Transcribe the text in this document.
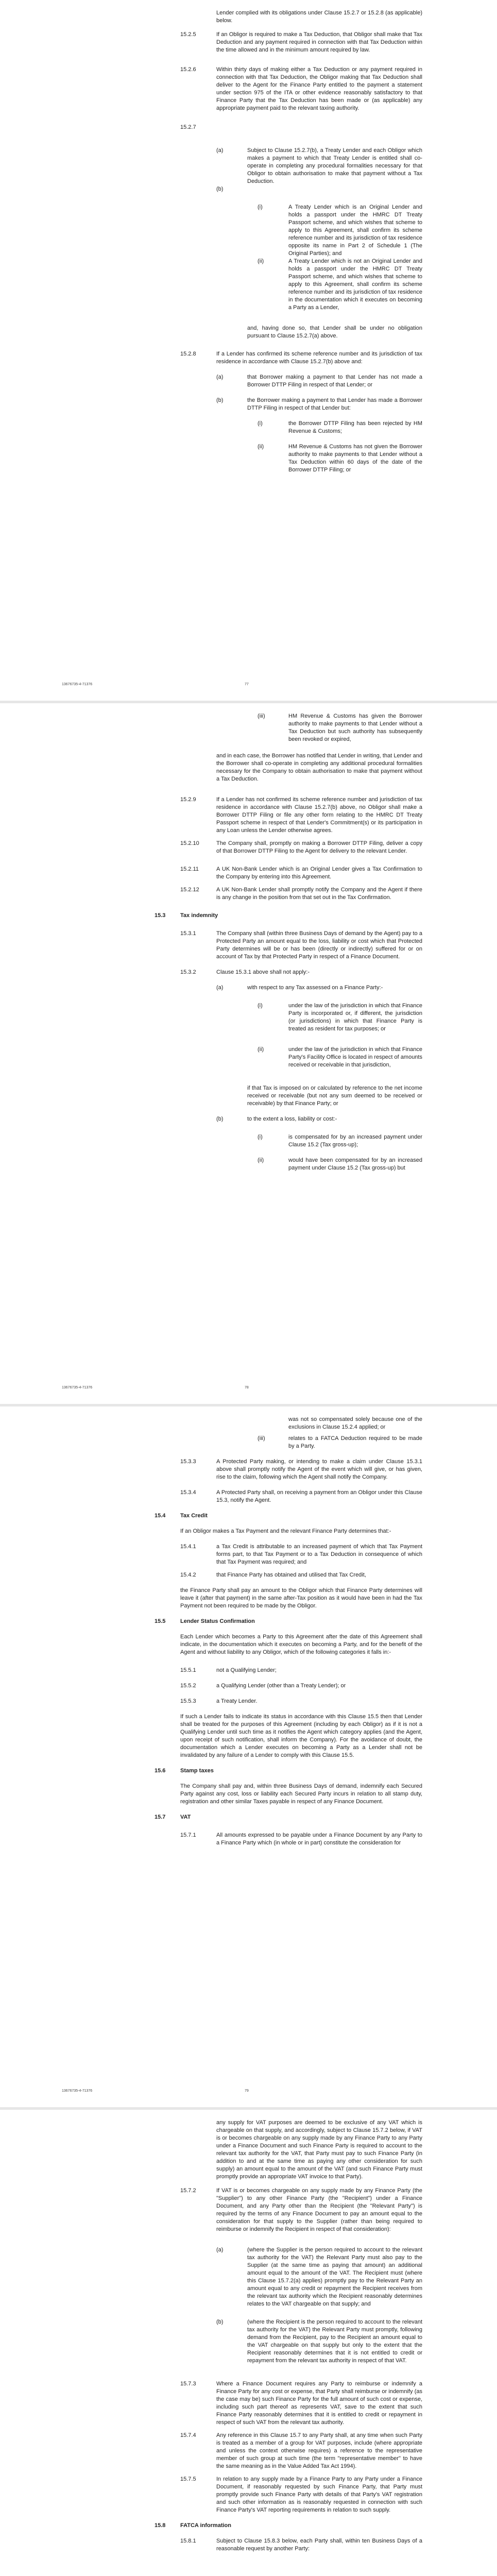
Lender complied with its obligations under Clause 15.2.7 or 15.2.8 (as applicable) below.

15.2.5	If an Obligor is required to make a Tax Deduction, that Obligor shall make that Tax Deduction and any payment required in connection with that Tax Deduction within the time allowed and in the minimum amount required by law.

15.2.6	Within thirty days of making either a Tax Deduction or any payment required in connection with that Tax Deduction, the Obligor making that Tax Deduction shall deliver to the Agent for the Finance Party entitled to the payment a statement under section 975 of the ITA or other evidence reasonably satisfactory to that Finance Party that the Tax Deduction has been made or (as applicable) any appropriate payment paid to the relevant taxing authority.

15.2.7
(a)	Subject to Clause 15.2.7(b), a Treaty Lender and each Obligor which makes a payment to which that Treaty Lender is entitled shall co-operate in completing any procedural formalities necessary for that Obligor to obtain authorisation to make that payment without a Tax Deduction.

(b)
(i)	A Treaty Lender which is an Original Lender and holds a passport under the HMRC DT Treaty Passport scheme, and which wishes that scheme to apply to this Agreement, shall confirm its scheme reference number and its jurisdiction of tax residence opposite its name in Part 2 of Schedule 1 (The Original Parties); and

(ii)	A Treaty Lender which is not an Original Lender and holds a passport under the HMRC DT Treaty Passport scheme, and which wishes that scheme to apply to this Agreement, shall confirm its scheme reference number and its jurisdiction of tax residence in the documentation which it executes on becoming a Party as a Lender,

and, having done so, that Lender shall be under no obligation pursuant to Clause 15.2.7(a) above.

15.2.8	If a Lender has confirmed its scheme reference number and its jurisdiction of tax residence in accordance with Clause 15.2.7(b) above and:

(a)	that Borrower making a payment to that Lender has not made a Borrower DTTP Filing in respect of that Lender; or

(b)	the Borrower making a payment to that Lender has made a Borrower DTTP Filing in respect of that Lender but:

(i)	the Borrower DTTP Filing has been rejected by HM Revenue & Customs;

(ii)	HM Revenue & Customs has not given the Borrower authority to make payments to that Lender without a Tax Deduction within 60 days of the date of the Borrower DTTP Filing; or

13676735-4-71376	77
(iii)	HM Revenue & Customs has given the Borrower authority to make payments to that Lender without a Tax Deduction but such authority has subsequently been revoked or expired,

and in each case, the Borrower has notified that Lender in writing, that Lender and the Borrower shall co-operate in completing any additional procedural formalities necessary for the Company to obtain authorisation to make that payment without a Tax Deduction.

15.2.9	If a Lender has not confirmed its scheme reference number and jurisdiction of tax residence in accordance with Clause 15.2.7(b) above, no Obligor shall make a Borrower DTTP Filing or file any other form relating to the HMRC DT Treaty Passport scheme in respect of that Lender's Commitment(s) or its participation in any Loan unless the Lender otherwise agrees.

15.2.10	The Company shall, promptly on making a Borrower DTTP Filing, deliver a copy of that Borrower DTTP Filing to the Agent for delivery to the relevant Lender.

15.2.11	A UK Non-Bank Lender which is an Original Lender gives a Tax Confirmation to the Company by entering into this Agreement.

15.2.12	A UK Non-Bank Lender shall promptly notify the Company and the Agent if there is any change in the position from that set out in the Tax Confirmation.

15.3	Tax indemnity
15.3.1	The Company shall (within three Business Days of demand by the Agent) pay to a Protected Party an amount equal to the loss, liability or cost which that Protected Party determines will be or has been (directly or indirectly) suffered for or on account of Tax by that Protected Party in respect of a Finance Document.

15.3.2	Clause 15.3.1 above shall not apply:-

(a)	with respect to any Tax assessed on a Finance Party:-

(i)	under the law of the jurisdiction in which that Finance Party is incorporated or, if different, the jurisdiction (or jurisdictions) in which that Finance Party is treated as resident for tax purposes; or

(ii)	under the law of the jurisdiction in which that Finance Party's Facility Office is located in respect of amounts received or receivable in that jurisdiction,

if that Tax is imposed on or calculated by reference to the net income received or receivable (but not any sum deemed to be received or receivable) by that Finance Party; or

(b)	to the extent a loss, liability or cost:-

(i)	is compensated for by an increased payment under Clause 15.2 (Tax gross-up);

(ii)	would have been compensated for by an increased payment under Clause 15.2 (Tax gross-up) but

13676735-4-71376	78

was not so compensated solely because one of the exclusions in Clause 15.2.4 applied; or

(iii)	relates to a FATCA Deduction required to be made by a Party.

15.3.3	A Protected Party making, or intending to make a claim under Clause 15.3.1 above shall promptly notify the Agent of the event which will give, or has given, rise to the claim, following which the Agent shall notify the Company.

15.3.4	A Protected Party shall, on receiving a payment from an Obligor under this Clause 15.3, notify the Agent.

15.4	Tax Credit

If an Obligor makes a Tax Payment and the relevant Finance Party determines that:-

15.4.1	a Tax Credit is attributable to an increased payment of which that Tax Payment forms part, to that Tax Payment or to a Tax Deduction in consequence of which that Tax Payment was required; and

15.4.2	that Finance Party has obtained and utilised that Tax Credit,

the Finance Party shall pay an amount to the Obligor which that Finance Party determines will leave it (after that payment) in the same after-Tax position as it would have been in had the Tax Payment not been required to be made by the Obligor.

15.5	Lender Status Confirmation

Each Lender which becomes a Party to this Agreement after the date of this Agreement shall indicate, in the documentation which it executes on becoming a Party, and for the benefit of the Agent and without liability to any Obligor, which of the following categories it falls in:-

15.5.1	not a Qualifying Lender;

15.5.2	a Qualifying Lender (other than a Treaty Lender); or

15.5.3	a Treaty Lender.

If such a Lender fails to indicate its status in accordance with this Clause 15.5 then that Lender shall be treated for the purposes of this Agreement (including by each Obligor) as if it is not a Qualifying Lender until such time as it notifies the Agent which category applies (and the Agent, upon receipt of such notification, shall inform the Company). For the avoidance of doubt, the documentation which a Lender executes on becoming a Party as a Lender shall not be invalidated by any failure of a Lender to comply with this Clause 15.5.

15.6	Stamp taxes

The Company shall pay and, within three Business Days of demand, indemnify each Secured Party against any cost, loss or liability each Secured Party incurs in relation to all stamp duty, registration and other similar Taxes payable in respect of any Finance Document.

15.7	VAT
15.7.1	All amounts expressed to be payable under a Finance Document by any Party to a Finance Party which (in whole or in part) constitute the consideration for

13676735-4-71376	79

any supply for VAT purposes are deemed to be exclusive of any VAT which is chargeable on that supply, and accordingly, subject to Clause 15.7.2 below, if VAT is or becomes chargeable on any supply made by any Finance Party to any Party under a Finance Document and such Finance Party is required to account to the relevant tax authority for the VAT, that Party must pay to such Finance Party (in addition to and at the same time as paying any other consideration for such supply) an amount equal to the amount of the VAT (and such Finance Party must promptly provide an appropriate VAT invoice to that Party).

15.7.2	If VAT is or becomes chargeable on any supply made by any Finance Party (the "Supplier") to any other Finance Party (the "Recipient") under a Finance Document, and any Party other than the Recipient (the "Relevant Party") is required by the terms of any Finance Document to pay an amount equal to the consideration for that supply to the Supplier (rather than being required to reimburse or indemnify the Recipient in respect of that consideration):

(a)	(where the Supplier is the person required to account to the relevant tax authority for the VAT) the Relevant Party must also pay to the Supplier (at the same time as paying that amount) an additional amount equal to the amount of the VAT. The Recipient must (where this Clause 15.7.2(a) applies) promptly pay to the Relevant Party an amount equal to any credit or repayment the Recipient receives from the relevant tax authority which the Recipient reasonably determines relates to the VAT chargeable on that supply; and

(b)	(where the Recipient is the person required to account to the relevant tax authority for the VAT) the Relevant Party must promptly, following demand from the Recipient, pay to the Recipient an amount equal to the VAT chargeable on that supply but only to the extent that the Recipient reasonably determines that it is not entitled to credit or repayment from the relevant tax authority in respect of that VAT.

15.7.3	Where a Finance Document requires any Party to reimburse or indemnify a Finance Party for any cost or expense, that Party shall reimburse or indemnify (as the case may be) such Finance Party for the full amount of such cost or expense, including such part thereof as represents VAT, save to the extent that such Finance Party reasonably determines that it is entitled to credit or repayment in respect of such VAT from the relevant tax authority.

15.7.4	Any reference in this Clause 15.7 to any Party shall, at any time when such Party is treated as a member of a group for VAT purposes, include (where appropriate and unless the context otherwise requires) a reference to the representative member of such group at such time (the term "representative member" to have the same meaning as in the Value Added Tax Act 1994).

15.7.5	In relation to any supply made by a Finance Party to any Party under a Finance Document, if reasonably requested by such Finance Party, that Party must promptly provide such Finance Party with details of that Party's VAT registration and such other information as is reasonably requested in connection with such Finance Party's VAT reporting requirements in relation to such supply.

15.8	FATCA information
15.8.1	Subject to Clause 15.8.3 below, each Party shall, within ten Business Days of a reasonable request by another Party:
